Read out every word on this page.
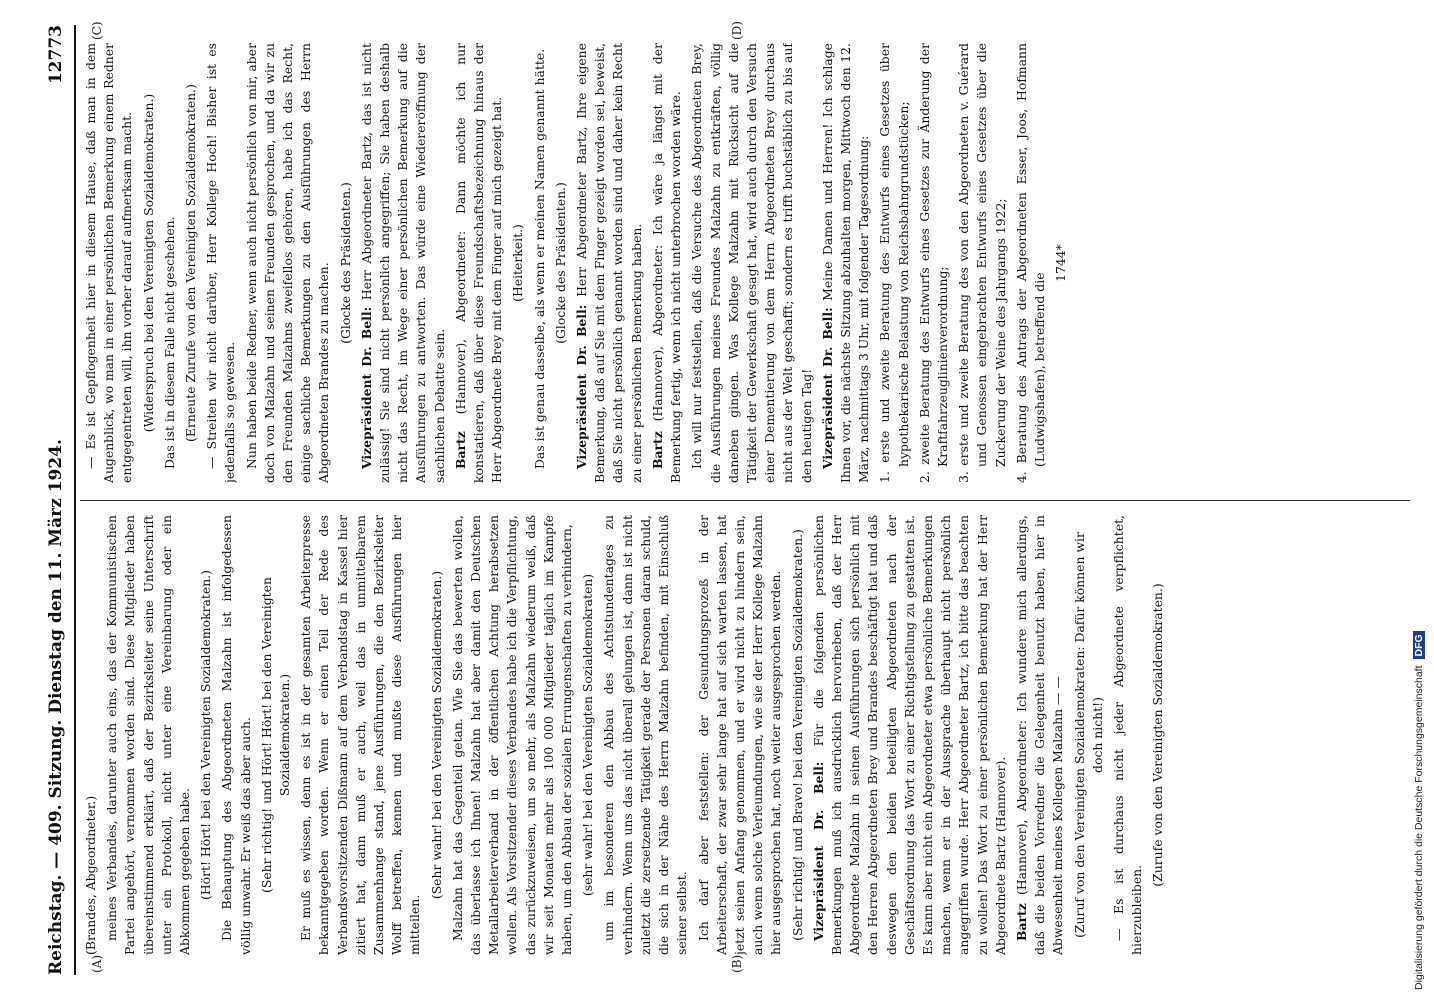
Reichstag. — 409. Sitzung. Dienstag den 11. März 1924.
12773
(A)	(B)
(C)	(D)

(Brandes, Abgeordneter.) meines Verbandes, darunter auch eins, das der Kommunistischen Partei angehört, vernommen worden sind. Diese Mitglieder haben übereinstimmend erklärt, daß der Bezirksleiter seine Unterschrift unter ein Protokoll, nicht unter eine Vereinbarung oder ein Abkommen gegeben habe. (Hört! Hört! bei den Vereinigten Sozialdemokraten.) Die Behauptung des Abgeordneten Malzahn ist infolgedessen völlig unwahr. Er weiß das aber auch. (Sehr richtig! und Hört! Hört! bei den Vereinigten Sozialdemokraten.) Er muß es wissen, denn es ist in der gesamten Arbeiterpresse bekanntgegeben worden. Wenn er einen Teil der Rede des Verbandsvorsitzenden Dißmann auf dem Verbandstag in Kassel hier zitiert hat, dann muß er auch, weil das in unmittelbarem Zusammenhange stand, jene Ausführungen, die den Bezirksleiter Wolff betreffen, kennen und mußte diese Ausführungen hier mitteilen.

(Sehr wahr! bei den Vereinigten Sozialdemokraten.) Malzahn hat das Gegenteil getan. Wie Sie das bewerten wollen, das überlasse ich Ihnen! Malzahn hat aber damit den Deutschen Metallarbeiterverband in der öffentlichen Achtung herabsetzen wollen. Als Vorsitzender dieses Verbandes habe ich die Verpflichtung, das zurückzuweisen, um so mehr, als Malzahn wiederum weiß, daß wir seit Monaten mehr als 100 000 Mitglieder täglich im Kampfe haben, um den Abbau der sozialen Errungenschaften zu verhindern, (sehr wahr! bei den Vereinigten Sozialdemokraten) um im besonderen den Abbau des Achtstundentages zu verhindern. Wenn uns das nicht überall gelungen ist, dann ist nicht zuletzt die zersetzende Tätigkeit gerade der Personen daran schuld, die sich in der Nähe des Herrn Malzahn befinden, mit Einschluß seiner selbst. Ich darf aber feststellen: der Gesundungsprozeß in der Arbeiterschaft, der zwar sehr lange hat auf sich warten lassen, hat jetzt seinen Anfang genommen, und er wird nicht zu hindern sein, auch wenn solche Verleumdungen, wie sie der Herr Kollege Malzahn hier ausgesprochen hat, noch weiter ausgesprochen werden. (Sehr richtig! und Bravo! bei den Vereinigten Sozialdemokraten.) Vizepräsident Dr. Bell: Für die folgenden persönlichen Bemerkungen muß ich ausdrücklich hervorheben, daß der Herr Abgeordnete Malzahn in seinen Ausführungen sich persönlich mit den Herren Abgeordneten Brey und Brandes beschäftigt hat und daß deswegen den beiden beteiligten Abgeordneten nach der Geschäftsordnung das Wort zu einer Richtigstellung zu gestatten ist. Es kann aber nicht ein Abgeordneter etwa persönliche Bemerkungen machen, wenn er in der Aussprache überhaupt nicht persönlich angegriffen wurde. Herr Abgeordneter Bartz, ich bitte das beachten zu wollen! Das Wort zu einer persönlichen Bemerkung hat der Herr Abgeordnete Bartz (Hannover). Bartz (Hannover), Abgeordneter: Ich wundere mich allerdings, daß die beiden Vorredner die Gelegenheit benutzt haben, hier in Abwesenheit meines Kollegen Malzahn — — (Zuruf von den Vereinigten Sozialdemokraten: Dafür können wir doch nicht!) — Es ist durchaus nicht jeder Abgeordnete verpflichtet, hierzubleiben.

(Zurufe von den Vereinigten Sozialdemokraten.)

— Es ist Gepflogenheit hier in diesem Hause, daß man in dem Augenblick, wo man in einer persönlichen Bemerkung einem Redner entgegentreten will, ihn vorher darauf aufmerksam macht. (Widerspruch bei den Vereinigten Sozialdemokraten.) Das ist in diesem Falle nicht geschehen. (Erneute Zurufe von den Vereinigten Sozialdemokraten.) — Streiten wir nicht darüber, Herr Kollege Hoch! Bisher ist es jedenfalls so gewesen. Nun haben beide Redner, wenn auch nicht persönlich von mir, aber doch von Malzahn und seinen Freunden gesprochen, und da wir zu den Freunden Malzahns zweifellos gehören, habe ich das Recht, einige sachliche Bemerkungen zu den Ausführungen des Herrn Abgeordneten Brandes zu machen. (Glocke des Präsidenten.)

Vizepräsident Dr. Bell: Herr Abgeordneter Bartz, das ist nicht zulässig! Sie sind nicht persönlich angegriffen; Sie haben deshalb nicht das Recht, im Wege einer persönlichen Bemerkung auf die Ausführungen zu antworten. Das würde eine Wiedereröffnung der sachlichen Debatte sein. Bartz (Hannover), Abgeordneter: Dann möchte ich nur konstatieren, daß über diese Freundschaftsbezeichnung hinaus der Herr Abgeordnete Brey mit dem Finger auf mich gezeigt hat. (Heiterkeit.) Das ist genau dasselbe, als wenn er meinen Namen genannt hätte. (Glocke des Präsidenten.)

Vizepräsident Dr. Bell: Herr Abgeordneter Bartz, Ihre eigene Bemerkung, daß auf Sie mit dem Finger gezeigt worden sei, beweist, daß Sie nicht persönlich genannt worden sind und daher kein Recht zu einer persönlichen Bemerkung haben. Bartz (Hannover), Abgeordneter: Ich wäre ja längst mit der Bemerkung fertig, wenn ich nicht unterbrochen worden wäre. Ich will nur feststellen, daß die Versuche des Abgeordneten Brey, die Ausführungen meines Freundes Malzahn zu entkräften, völlig daneben gingen. Was Kollege Malzahn mit Rücksicht auf die Tätigkeit der Gewerkschaft gesagt hat, wird auch durch den Versuch einer Dementierung von dem Herrn Abgeordneten Brey durchaus nicht aus der Welt geschafft; sondern es trifft buchstäblich zu bis auf den heutigen Tag! Vizepräsident Dr. Bell: Meine Damen und Herren! Ich schlage Ihnen vor, die nächste Sitzung abzuhalten morgen, Mittwoch den 12. März, nachmittags 3 Uhr, mit folgender Tagesordnung: 1. erste und zweite Beratung des Entwurfs eines Gesetzes über hypothekarische Belastung von Reichsbahngrundstücken; 2. zweite Beratung des Entwurfs eines Gesetzes zur Änderung der Kraftfahrzeuglinienverordnung; 3. erste und zweite Beratung des von den Abgeordneten v. Guérard und Genossen eingebrachten Entwurfs eines Gesetzes über die Zuckerung der Weine des Jahrgangs 1922; 4. Beratung des Antrags der Abgeordneten Esser, Joos, Hofmann (Ludwigshafen), betreffend die

1744*

Digitalisierung gefördert durch die Deutsche ForschungsgemeinschaftDFG
